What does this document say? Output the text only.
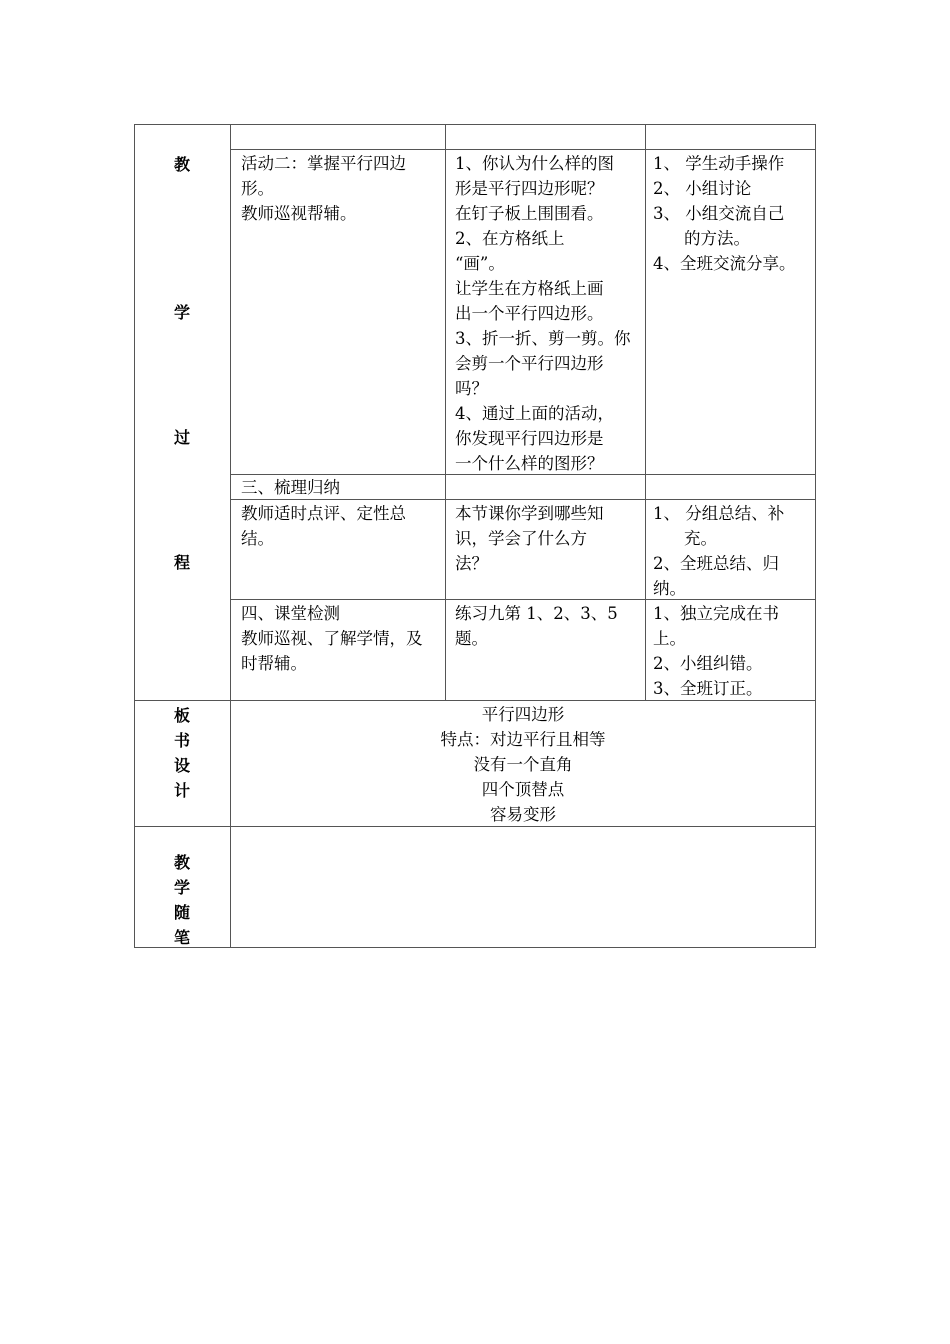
教
学
过
程
板
书
设
计
教
学
随
笔
活动二：掌握平行四边
形。
教师巡视帮辅。
1、你认为什么样的图
形是平行四边形呢？
在钉子板上围围看。
2、在方格纸上
“画”。
让学生在方格纸上画
出一个平行四边形。
3、折一折、剪一剪。你
会剪一个平行四边形
吗？
4、通过上面的活动，
你发现平行四边形是
一个什么样的图形？
1、 学生动手操作
2、 小组讨论
3、 小组交流自己
的方法。
4、全班交流分享。
三、梳理归纳
教师适时点评、定性总
结。
本节课你学到哪些知
识，学会了什么方
法？
1、 分组总结、补
充。
2、全班总结、归
纳。
四、课堂检测
教师巡视、了解学情，及
时帮辅。
练习九第 1、2、3、5
题。
1、独立完成在书
上。
2、小组纠错。
3、全班订正。
平行四边形
特点：对边平行且相等
没有一个直角
四个顶替点
容易变形
